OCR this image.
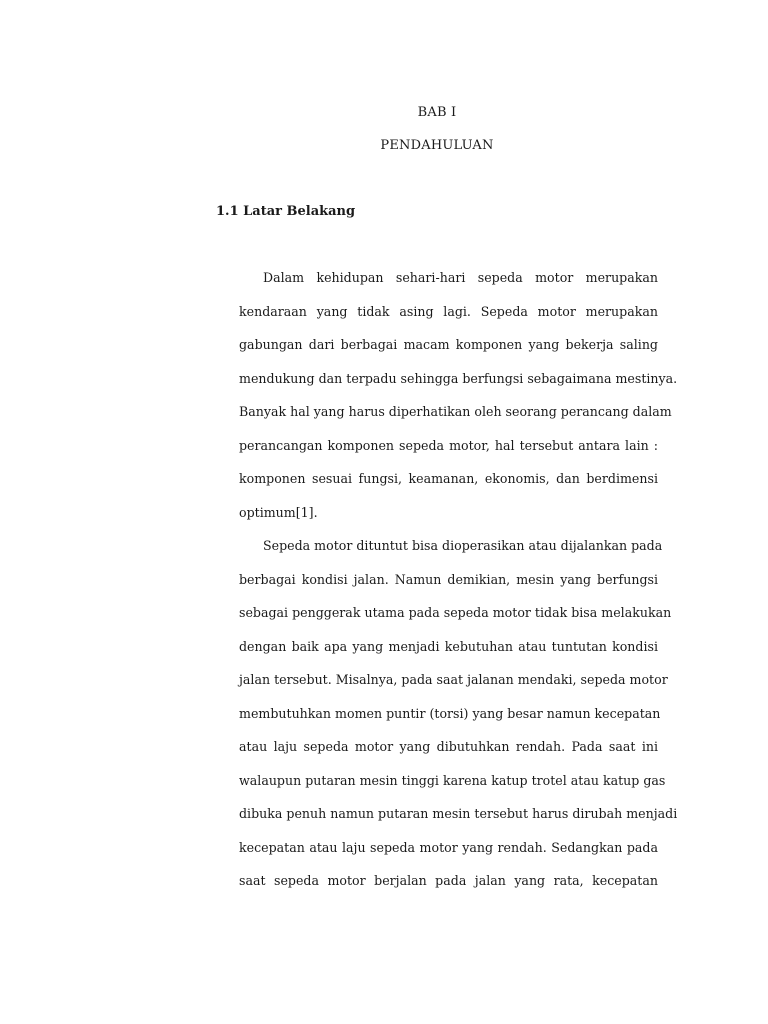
BAB I
PENDAHULUAN
1.1 Latar Belakang
Dalam kehidupan sehari-hari sepeda motor merupakan
kendaraan yang tidak asing lagi. Sepeda motor merupakan
gabungan dari berbagai macam komponen yang bekerja saling
mendukung dan terpadu sehingga berfungsi sebagaimana mestinya.
Banyak hal yang harus diperhatikan oleh seorang perancang dalam
perancangan komponen sepeda motor, hal tersebut antara lain :
komponen sesuai fungsi, keamanan, ekonomis, dan berdimensi
optimum[1].
Sepeda motor dituntut bisa dioperasikan atau dijalankan pada
berbagai kondisi jalan. Namun demikian, mesin yang berfungsi
sebagai penggerak utama pada sepeda motor tidak bisa melakukan
dengan baik apa yang menjadi kebutuhan atau tuntutan kondisi
jalan tersebut. Misalnya, pada saat jalanan mendaki, sepeda motor
membutuhkan momen puntir (torsi) yang besar namun kecepatan
atau laju sepeda motor yang dibutuhkan rendah. Pada saat ini
walaupun putaran mesin tinggi karena katup trotel atau katup gas
dibuka penuh namun putaran mesin tersebut harus dirubah menjadi
kecepatan atau laju sepeda motor yang rendah. Sedangkan pada
saat sepeda motor berjalan pada jalan yang rata, kecepatan
